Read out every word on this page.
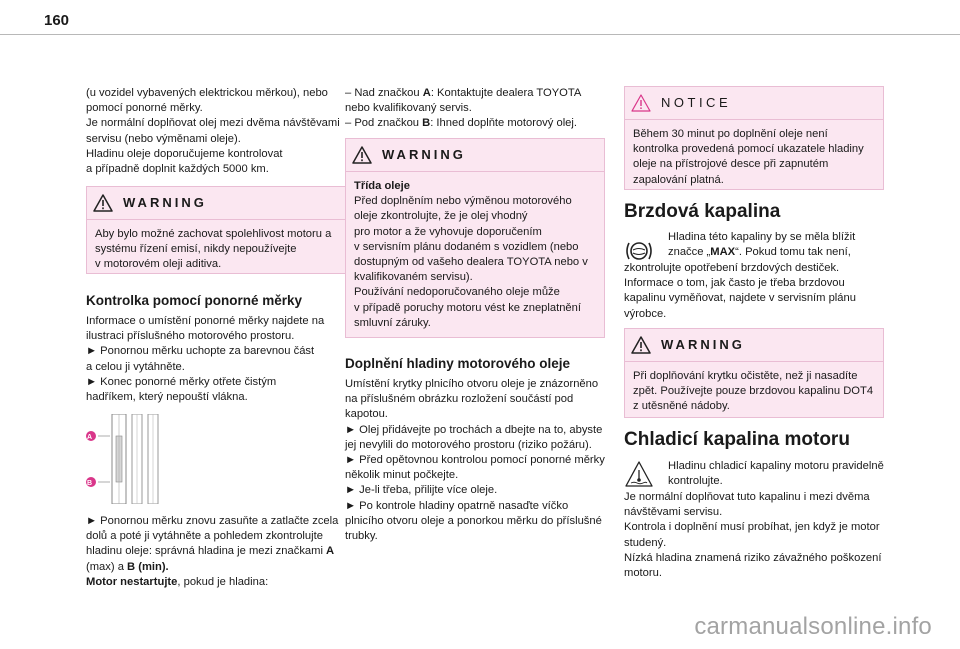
160
(u vozidel vybavených elektrickou měrkou), nebo pomocí ponorné měrky.
Je normální doplňovat olej mezi dvěma návštěvami servisu (nebo výměnami oleje).
Hladinu oleje doporučujeme kontrolovat
a případně doplnit každých 5000 km.
WARNING
Aby bylo možné zachovat spolehlivost motoru a systému řízení emisí, nikdy nepoužívejte
v motorovém oleji aditiva.
Kontrolka pomocí ponorné měrky
Informace o umístění ponorné měrky najdete na ilustraci příslušného motorového prostoru.
► Ponornou měrku uchopte za barevnou část
a celou ji vytáhněte.
► Konec ponorné měrky otřete čistým
hadříkem, který nepouští vlákna.
A
B
► Ponornou měrku znovu zasuňte a zatlačte zcela dolů a poté ji vytáhněte a pohledem zkontrolujte hladinu oleje: správná hladina je mezi značkami A (max) a B (min).
Motor nestartujte, pokud je hladina:
– Nad značkou A: Kontaktujte dealera TOYOTA nebo kvalifikovaný servis.
– Pod značkou B: Ihned doplňte motorový olej.
WARNING
Třída oleje
Před doplněním nebo výměnou motorového oleje zkontrolujte, že je olej vhodný
pro motor a že vyhovuje doporučením
v servisním plánu dodaném s vozidlem (nebo dostupným od vašeho dealera TOYOTA nebo v kvalifikovaném servisu).
Používání nedoporučovaného oleje může
v případě poruchy motoru vést ke zneplatnění smluvní záruky.
Doplnění hladiny motorového oleje
Umístění krytky plnicího otvoru oleje je znázorněno na příslušném obrázku rozložení součástí pod kapotou.
► Olej přidávejte po trochách a dbejte na to, abyste jej nevylili do motorového prostoru (riziko požáru).
► Před opětovnou kontrolou pomocí ponorné měrky několik minut počkejte.
► Je-li třeba, přilijte více oleje.
► Po kontrole hladiny opatrně nasaďte víčko plnicího otvoru oleje a ponorkou měrku do příslušné trubky.
NOTICE
Během 30 minut po doplnění oleje není kontrolka provedená pomocí ukazatele hladiny oleje na přístrojové desce při zapnutém zapalování platná.
Brzdová kapalina
Hladina této kapaliny by se měla blížit značce „MAX“. Pokud tomu tak není,
zkontrolujte opotřebení brzdových destiček. Informace o tom, jak často je třeba brzdovou kapalinu vyměňovat, najdete v servisním plánu výrobce.
WARNING
Při doplňování krytku očistěte, než ji nasadíte zpět. Používejte pouze brzdovou kapalinu DOT4 z utěsněné nádoby.
Chladicí kapalina motoru
Hladinu chladicí kapaliny motoru pravidelně kontrolujte.
Je normální doplňovat tuto kapalinu i mezi dvěma návštěvami servisu.
Kontrola i doplnění musí probíhat, jen když je motor studený.
Nízká hladina znamená riziko závažného poškození motoru.
carmanualsonline.info
